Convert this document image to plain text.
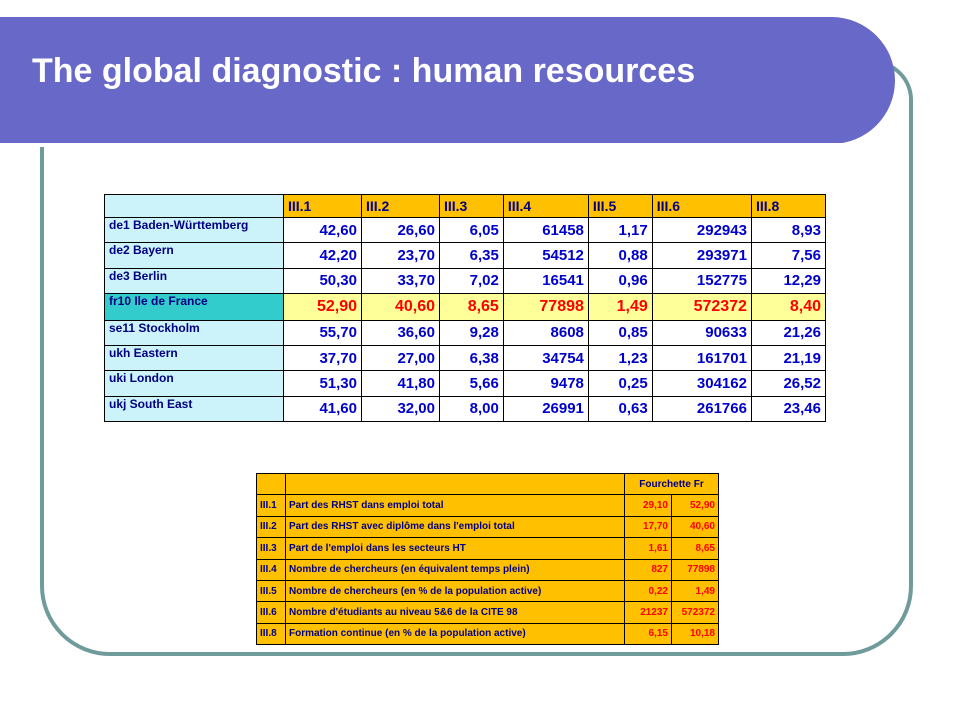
The global diagnostic : human resources
	III.1	III.2	III.3	III.4	III.5	III.6	III.8
de1 Baden-Württemberg	42,60	26,60	6,05	61458	1,17	292943	8,93
de2 Bayern	42,20	23,70	6,35	54512	0,88	293971	7,56
de3 Berlin	50,30	33,70	7,02	16541	0,96	152775	12,29
fr10 Ile de France	52,90	40,60	8,65	77898	1,49	572372	8,40
se11 Stockholm	55,70	36,60	9,28	8608	0,85	90633	21,26
ukh Eastern	37,70	27,00	6,38	34754	1,23	161701	21,19
uki London	51,30	41,80	5,66	9478	0,25	304162	26,52
ukj South East	41,60	32,00	8,00	26991	0,63	261766	23,46
		Fourchette Fr	
III.1	Part des RHST dans emploi total	29,10	52,90
III.2	Part des RHST avec diplôme dans l'emploi total	17,70	40,60
III.3	Part de l'emploi dans les secteurs HT	1,61	8,65
III.4	Nombre de chercheurs (en équivalent temps plein)	827	77898
III.5	Nombre de chercheurs (en % de la population active)	0,22	1,49
III.6	Nombre d'étudiants au niveau 5&6 de la CITE 98	21237	572372
III.8	Formation continue (en % de la population active)	6,15	10,18
